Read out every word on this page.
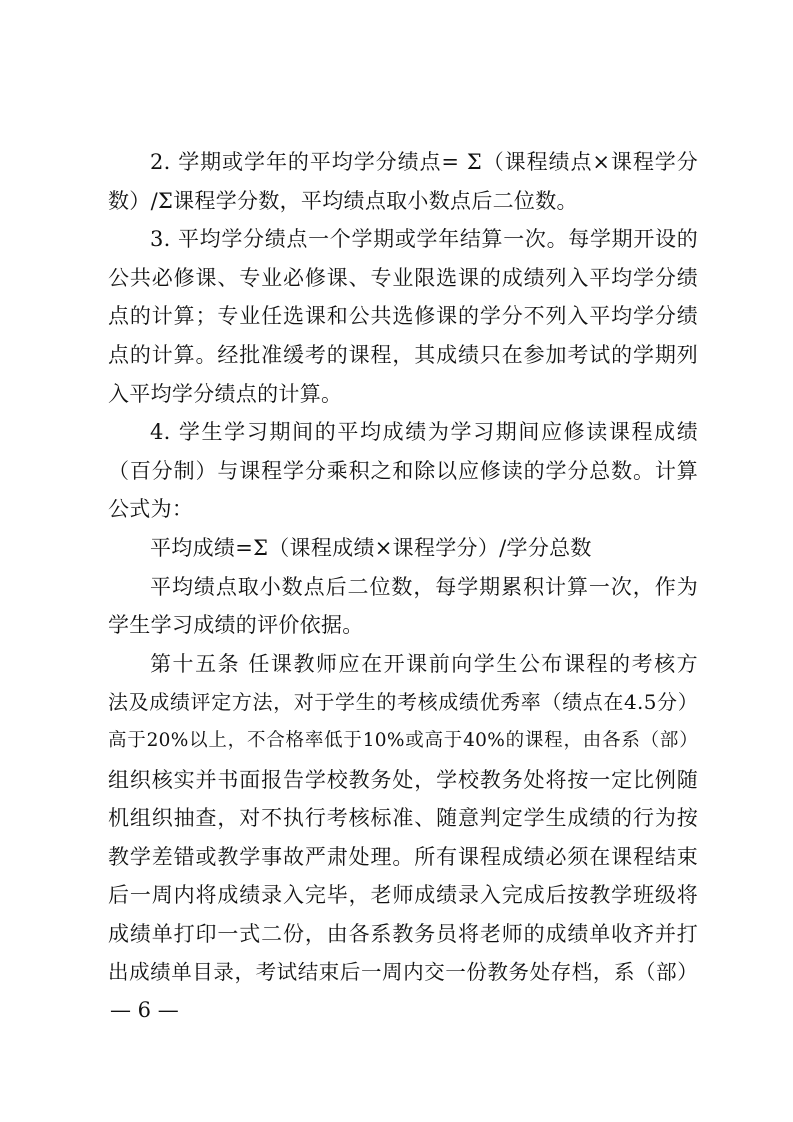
2. 学期或学年的平均学分绩点= Σ（课程绩点×课程学分
数）/Σ课程学分数，平均绩点取小数点后二位数。
3. 平均学分绩点一个学期或学年结算一次。每学期开设的
公共必修课、专业必修课、专业限选课的成绩列入平均学分绩
点的计算；专业任选课和公共选修课的学分不列入平均学分绩
点的计算。经批准缓考的课程，其成绩只在参加考试的学期列
入平均学分绩点的计算。
4. 学生学习期间的平均成绩为学习期间应修读课程成绩
（百分制）与课程学分乘积之和除以应修读的学分总数。计算
公式为：
平均成绩=Σ（课程成绩×课程学分）/学分总数
平均绩点取小数点后二位数，每学期累积计算一次，作为
学生学习成绩的评价依据。
第十五条 任课教师应在开课前向学生公布课程的考核方
法及成绩评定方法，对于学生的考核成绩优秀率（绩点在4.5分）
高于20%以上，不合格率低于10%或高于40%的课程，由各系（部）
组织核实并书面报告学校教务处，学校教务处将按一定比例随
机组织抽查，对不执行考核标准、随意判定学生成绩的行为按
教学差错或教学事故严肃处理。所有课程成绩必须在课程结束
后一周内将成绩录入完毕，老师成绩录入完成后按教学班级将
成绩单打印一式二份，由各系教务员将老师的成绩单收齐并打
出成绩单目录，考试结束后一周内交一份教务处存档，系（部）
— 6 —
